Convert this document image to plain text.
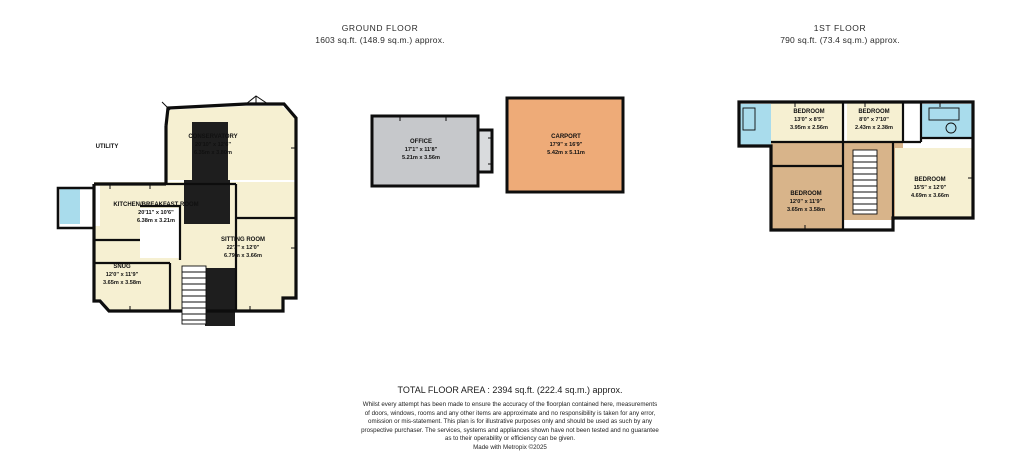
GROUND FLOOR
1603 sq.ft. (148.9 sq.m.) approx.
1ST FLOOR
790 sq.ft. (73.4 sq.m.) approx.
CONSERVATORY
20'10" x 12'6"
6.35m x 3.80m
UTILITY
KITCHEN/BREAKFAST ROOM
20'11" x 10'6"
6.38m x 3.21m
SITTING ROOM
22'3" x 12'0"
6.79m x 3.66m
SNUG
12'0" x 11'9"
3.65m x 3.58m
OFFICE
17'1" x 11'8"
5.21m x 3.56m
CARPORT
17'9" x 16'9"
5.42m x 5.11m
BEDROOM
13'0" x 8'5"
3.95m x 2.56m
BEDROOM
8'0" x 7'10"
2.43m x 2.38m
BEDROOM
12'0" x 11'9"
3.65m x 3.58m
BEDROOM
15'5" x 12'0"
4.69m x 3.66m
TOTAL FLOOR AREA : 2394 sq.ft. (222.4 sq.m.) approx.
Whilst every attempt has been made to ensure the accuracy of the floorplan contained here, measurements
of doors, windows, rooms and any other items are approximate and no responsibility is taken for any error,
omission or mis-statement. This plan is for illustrative purposes only and should be used as such by any
prospective purchaser. The services, systems and appliances shown have not been tested and no guarantee
as to their operability or efficiency can be given.
Made with Metropix ©2025
